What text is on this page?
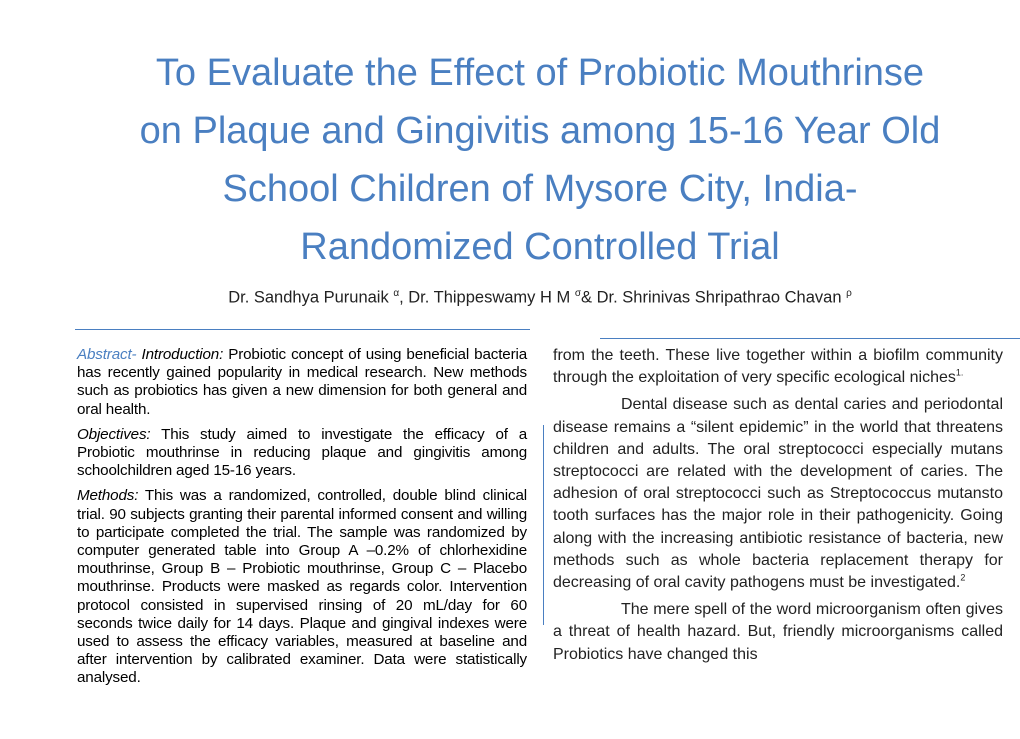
To Evaluate the Effect of Probiotic Mouthrinse
on Plaque and Gingivitis among 15-16 Year Old
School Children of Mysore City, India-
Randomized Controlled Trial
Dr. Sandhya Purunaik $^\alpha$, Dr. Thippeswamy H M $^\sigma$& Dr. Shrinivas Shripathrao Chavan $^\rho$

Abstract- Introduction: Probiotic concept of using beneficial bacteria has recently gained popularity in medical research. New methods such as probiotics has given a new dimension for both general and oral health.

Objectives: This study aimed to investigate the efficacy of a Probiotic mouthrinse in reducing plaque and gingivitis among schoolchildren aged 15-16 years.

Methods: This was a randomized, controlled, double blind clinical trial. 90 subjects granting their parental informed consent and willing to participate completed the trial. The sample was randomized by computer generated table into Group A –0.2% of chlorhexidine mouthrinse, Group B – Probiotic mouthrinse, Group C – Placebo mouthrinse. Products were masked as regards color. Intervention protocol consisted in supervised rinsing of 20 mL/day for 60 seconds twice daily for 14 days. Plaque and gingival indexes were used to assess the efficacy variables, measured at baseline and after intervention by calibrated examiner. Data were statistically analysed.

from the teeth. These live together within a biofilm community through the exploitation of very specific ecological niches$^{1.}$

Dental disease such as dental caries and periodontal disease remains a “silent epidemic” in the world that threatens children and adults. The oral streptococci especially mutans streptococci are related with the development of caries. The adhesion of oral streptococci such as Streptococcus mutansto tooth surfaces has the major role in their pathogenicity. Going along with the increasing antibiotic resistance of bacteria, new methods such as whole bacteria replacement therapy for decreasing of oral cavity pathogens must be investigated.$^2$

The mere spell of the word microorganism often gives a threat of health hazard. But, friendly microorganisms called Probiotics have changed this
